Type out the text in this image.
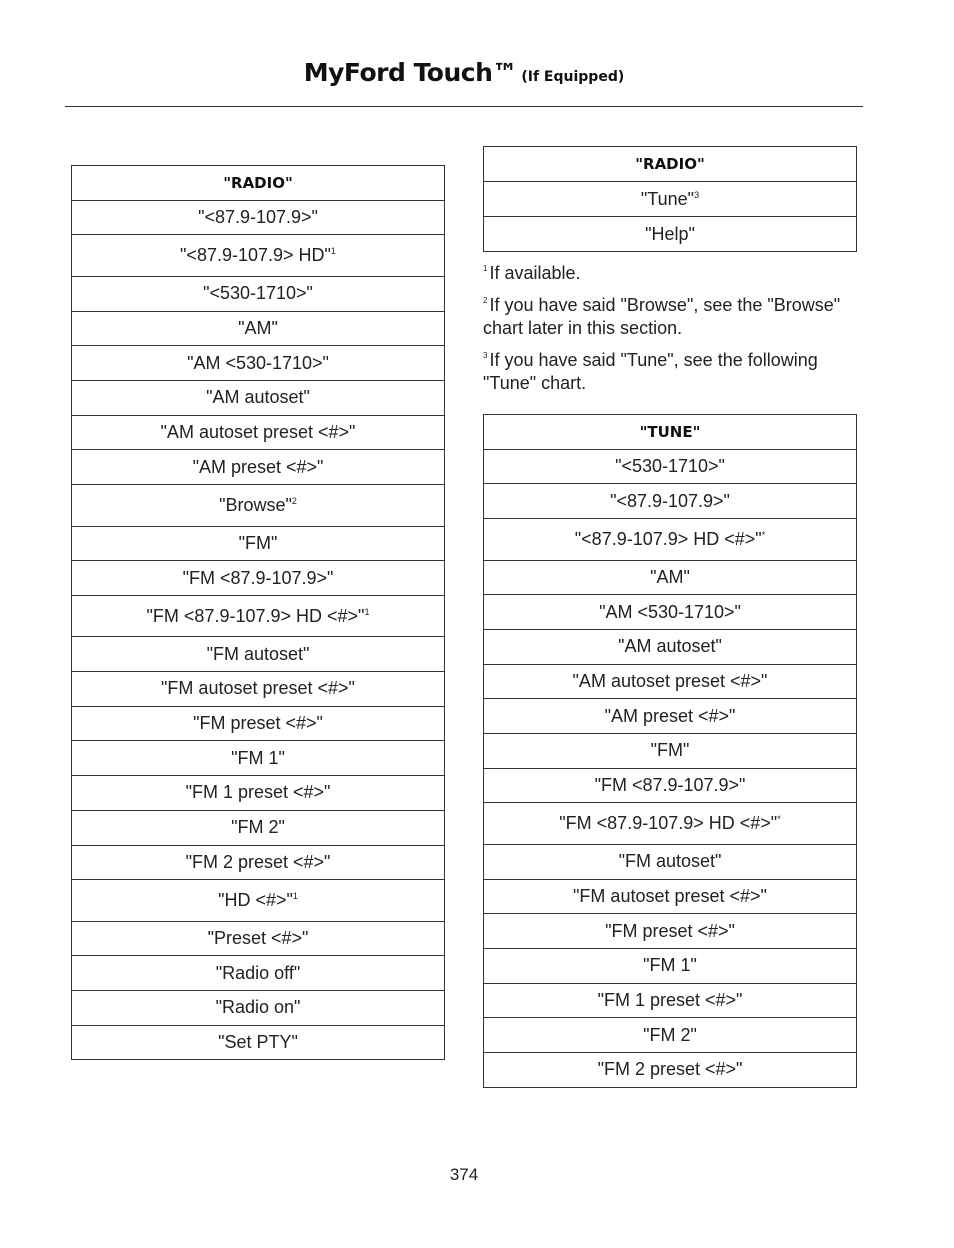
MyFord Touch™ (If Equipped)
"RADIO"
"<87.9-107.9>"
"<87.9-107.9> HD"$^1$
"<530-1710>"
"AM"
"AM <530-1710>"
"AM autoset"
"AM autoset preset <#>"
"AM preset <#>"
"Browse"$^2$
"FM"
"FM <87.9-107.9>"
"FM <87.9-107.9> HD <#>"$^1$
"FM autoset"
"FM autoset preset <#>"
"FM preset <#>"
"FM 1"
"FM 1 preset <#>"
"FM 2"
"FM 2 preset <#>"
"HD <#>"$^1$
"Preset <#>"
"Radio off"
"Radio on"
"Set PTY"
"RADIO"
"Tune"$^3$
"Help"

$^1$ If available.

$^2$ If you have said "Browse", see the "Browse" chart later in this section.

$^3$ If you have said "Tune", see the following "Tune" chart.

"TUNE"
"<530-1710>"
"<87.9-107.9>"
"<87.9-107.9> HD <#>"*
"AM"
"AM <530-1710>"
"AM autoset"
"AM autoset preset <#>"
"AM preset <#>"
"FM"
"FM <87.9-107.9>"
"FM <87.9-107.9> HD <#>"*
"FM autoset"
"FM autoset preset <#>"
"FM preset <#>"
"FM 1"
"FM 1 preset <#>"
"FM 2"
"FM 2 preset <#>"
374
